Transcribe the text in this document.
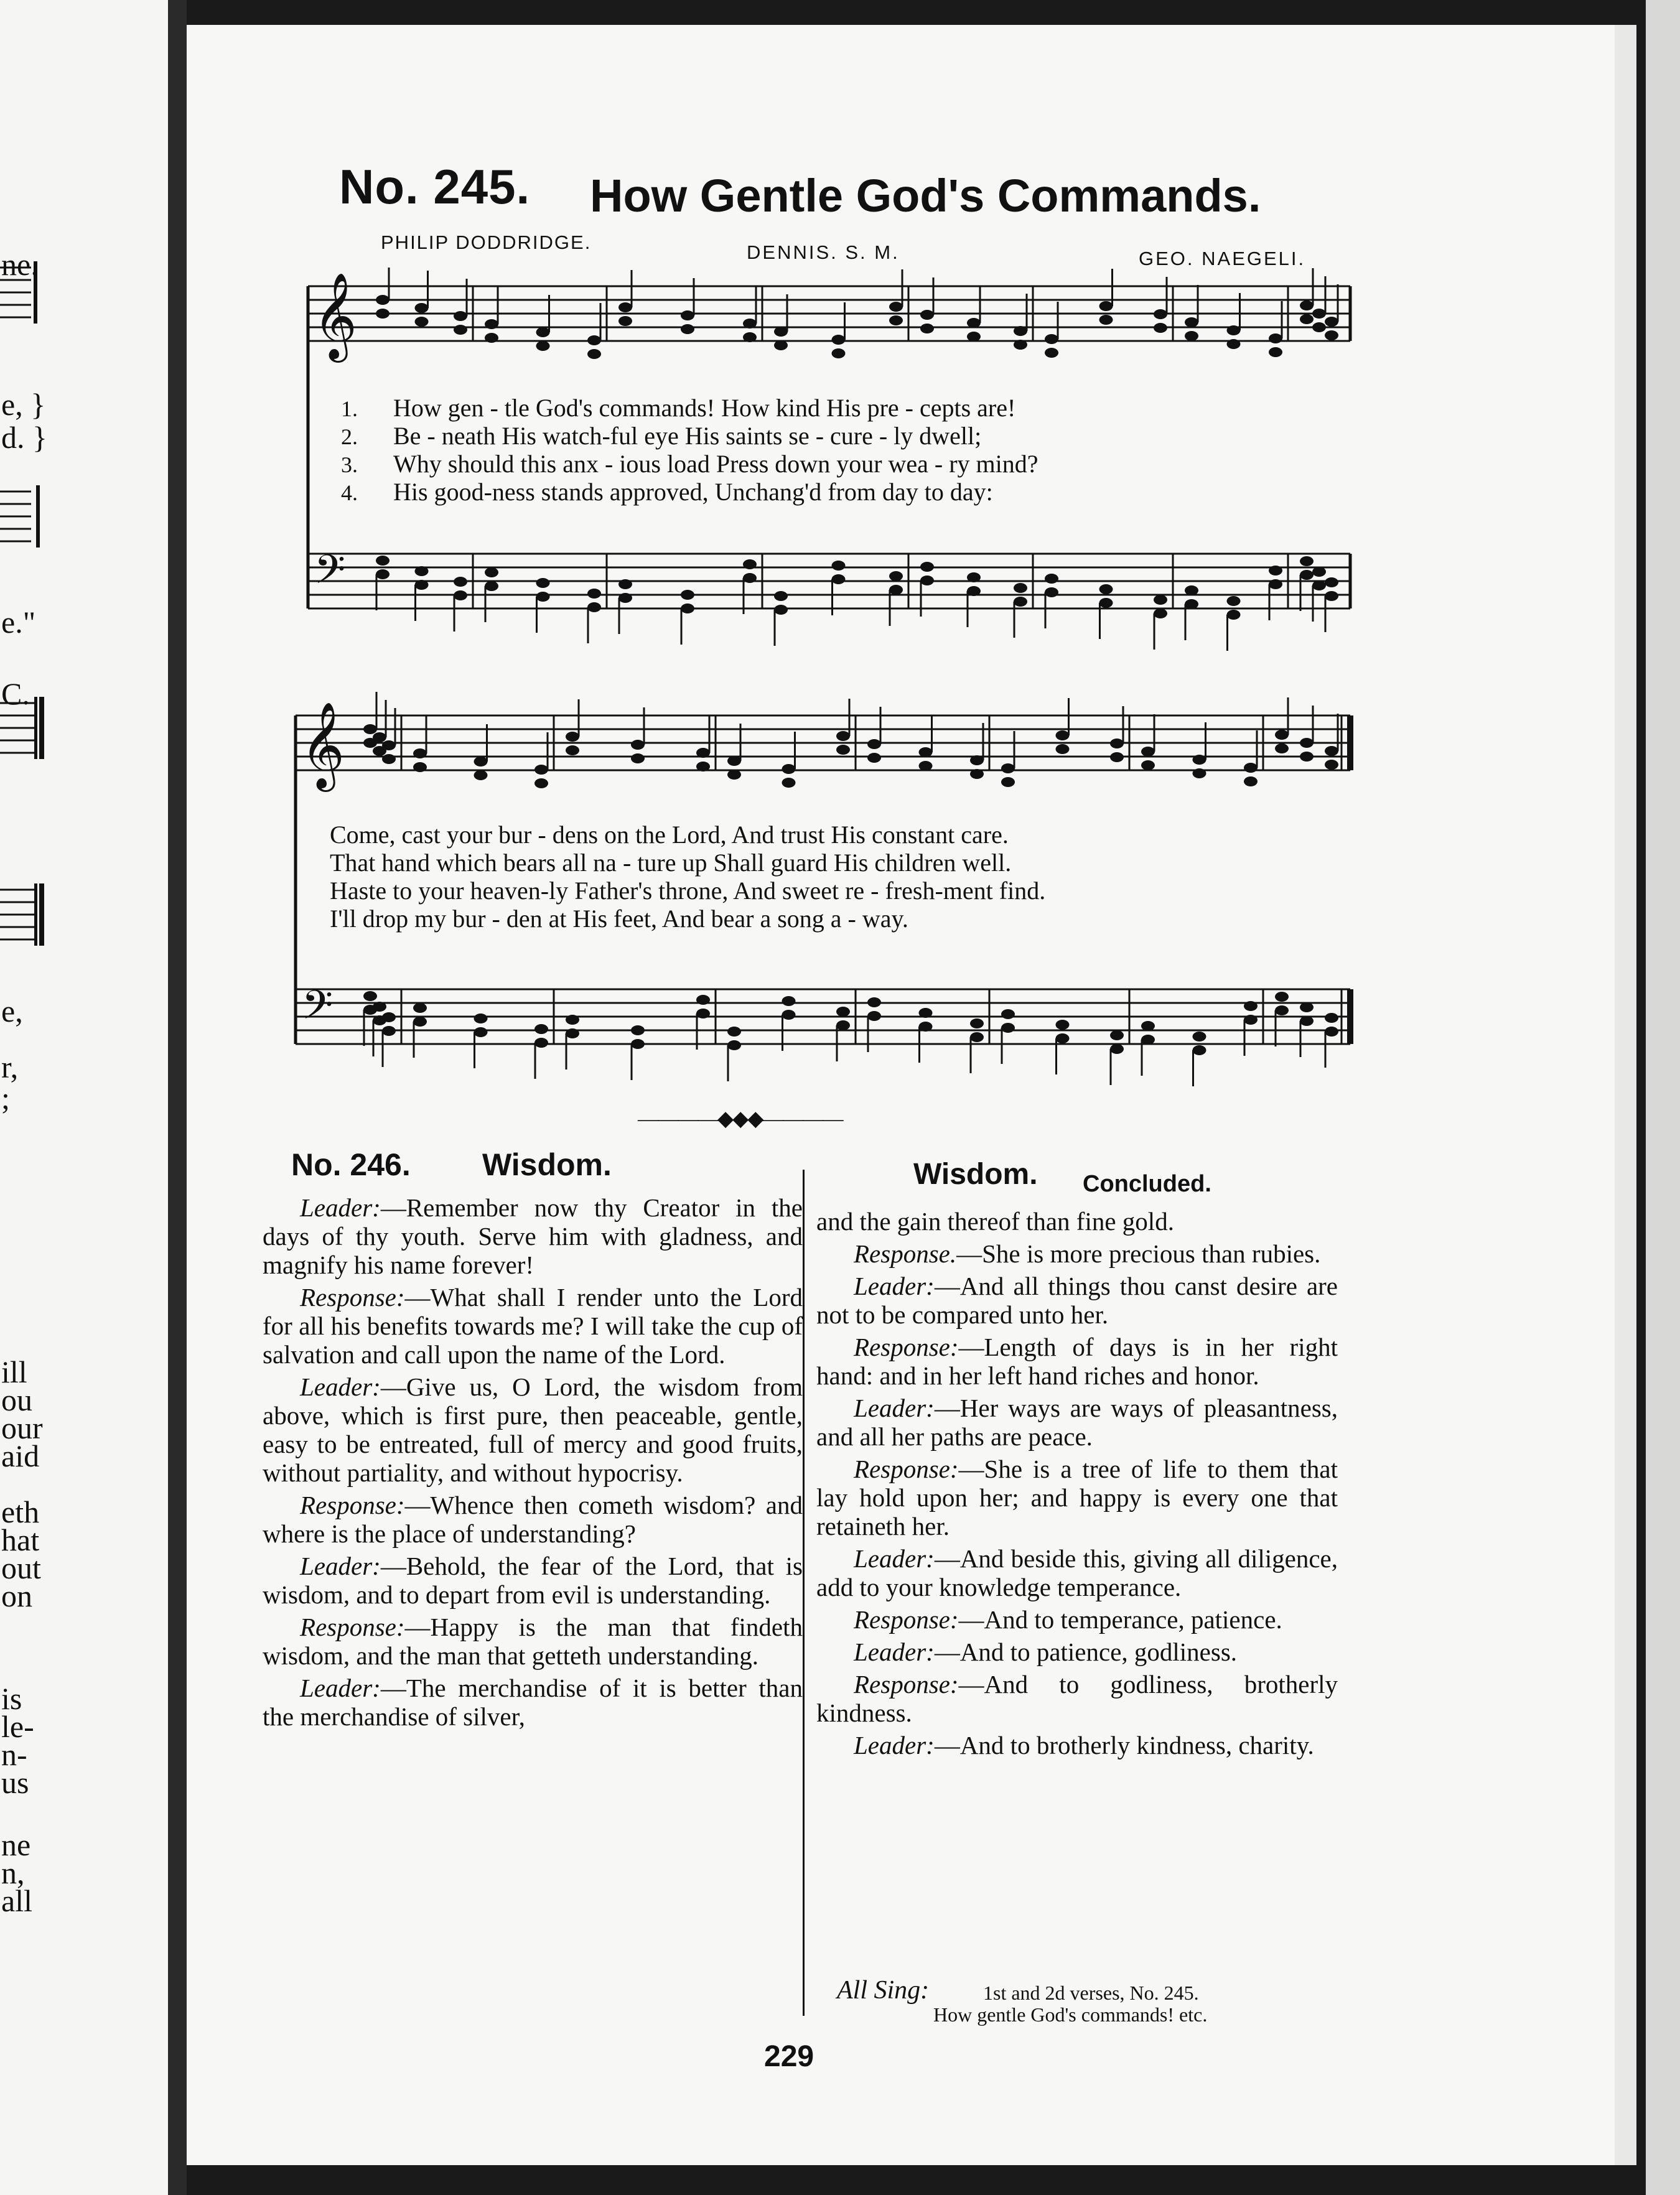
ne.
e, }
d. }
e."
C.
e,
r,
;
ill
ou
our
aid
eth
hat
out
on
is
le-
n-
us
ne
n,
all
No. 245. How Gentle God's Commands.
PHILIP DODDRIDGE.	DENNIS. S. M.	GEO. NAEGELI.
𝄞
𝄢
𝄞
𝄢
1.
2.
3.
4.
How gen - tle God's commands! How kind His pre - cepts are!
Be - neath His watch-ful eye His saints se - cure - ly dwell;
Why should this anx - ious load Press down your wea - ry mind?
His good-ness stands approved, Unchang'd from day to day:
Come, cast your bur - dens on the Lord, And trust His constant care.
That hand which bears all na - ture up Shall guard His children well.
Haste to your heaven-ly Father's throne, And sweet re - fresh-ment find.
I'll drop my bur - den at His feet, And bear a song a - way.
————◆◆◆————
No. 246. Wisdom.	Wisdom. Concluded.

Leader:—Remember now thy Creator in the days of thy youth. Serve him with gladness, and magnify his name forever!

Response:—What shall I render unto the Lord for all his benefits towards me? I will take the cup of salvation and call upon the name of the Lord.

Leader:—Give us, O Lord, the wisdom from above, which is first pure, then peaceable, gentle, easy to be entreated, full of mercy and good fruits, without partiality, and without hypocrisy.

Response:—Whence then cometh wisdom? and where is the place of understanding?

Leader:—Behold, the fear of the Lord, that is wisdom, and to depart from evil is understanding.

Response:—Happy is the man that findeth wisdom, and the man that getteth understanding.

Leader:—The merchandise of it is better than the merchandise of silver,

and the gain thereof than fine gold.

Response.—She is more precious than rubies.

Leader:—And all things thou canst desire are not to be compared unto her.

Response:—Length of days is in her right hand: and in her left hand riches and honor.

Leader:—Her ways are ways of pleasantness, and all her paths are peace.

Response:—She is a tree of life to them that lay hold upon her; and happy is every one that retaineth her.

Leader:—And beside this, giving all diligence, add to your knowledge temperance.

Response:—And to temperance, patience.

Leader:—And to patience, godliness.

Response:—And to godliness, brotherly kindness.

Leader:—And to brotherly kindness, charity.

All Sing:	1st and 2d verses, No. 245.
How gentle God's commands! etc.
229
